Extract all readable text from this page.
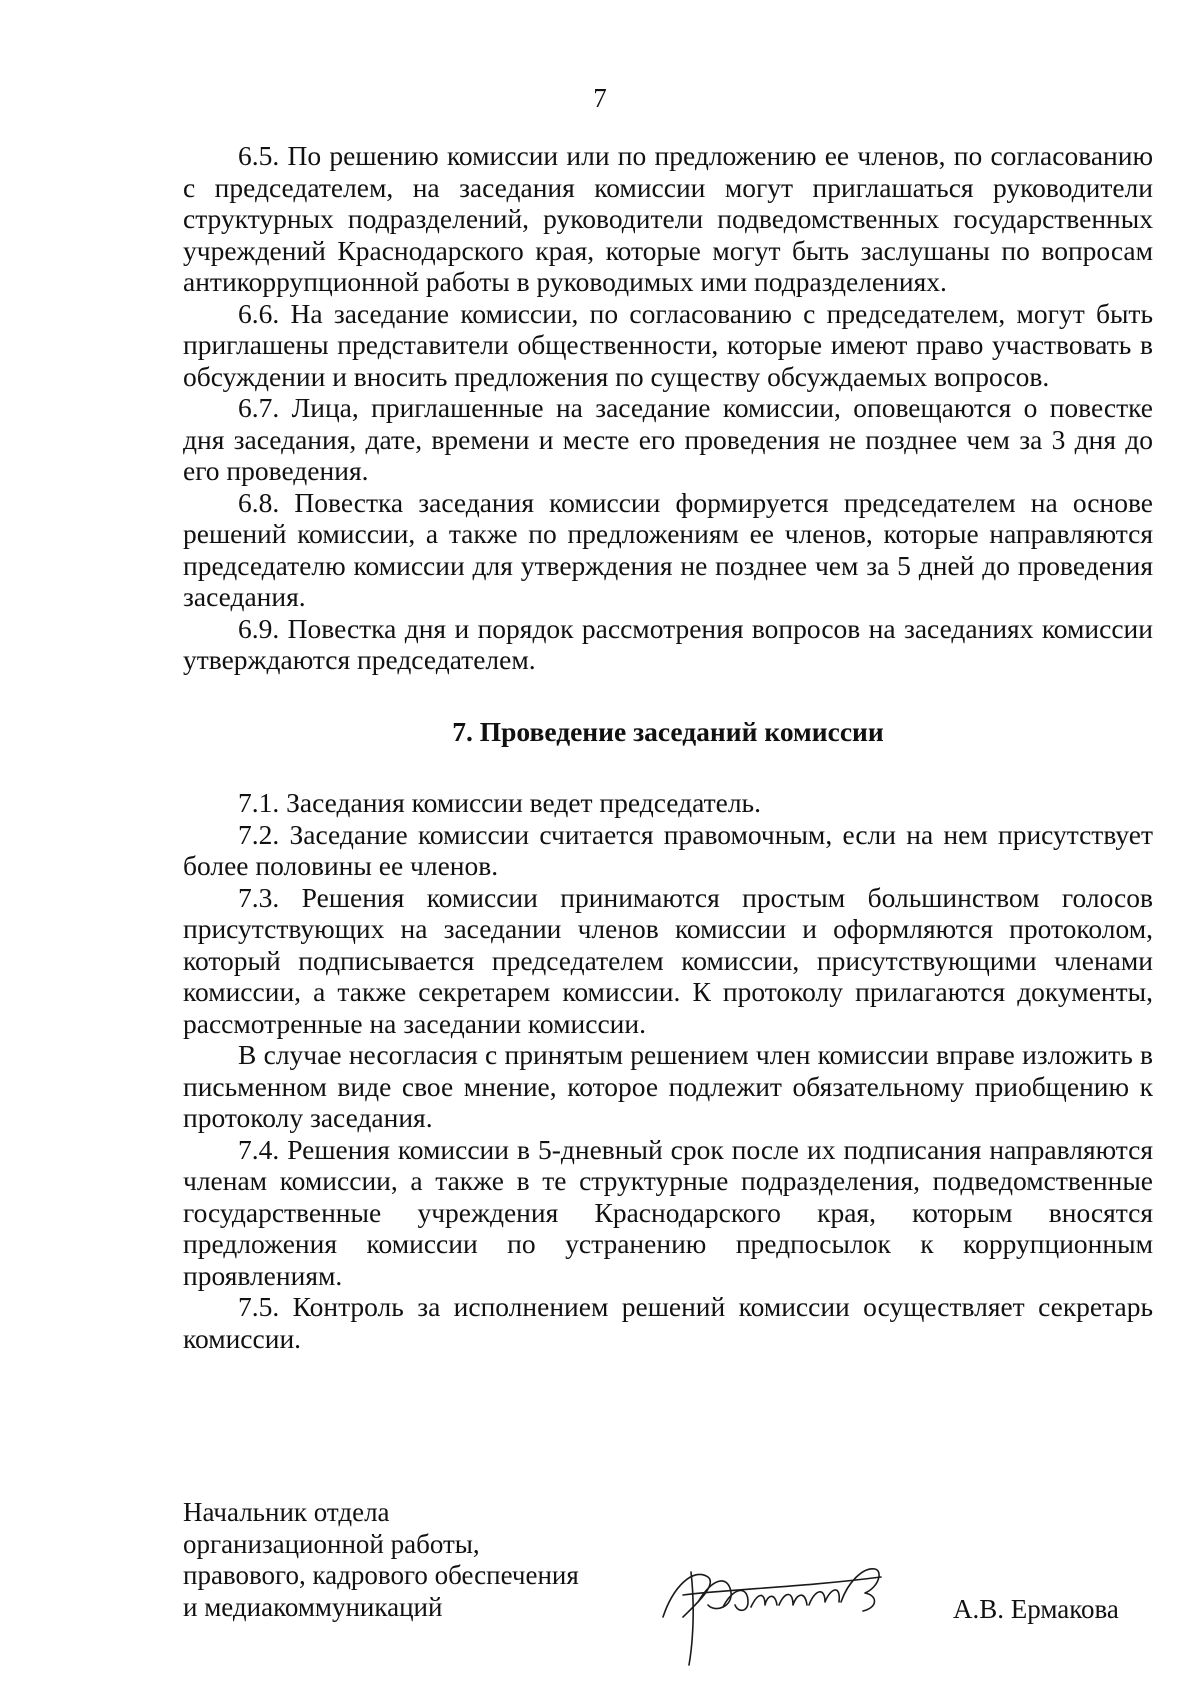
7

6.5. По решению комиссии или по предложению ее членов, по согласованию с председателем, на заседания комиссии могут приглашаться руководители структурных подразделений, руководители подведомственных государственных учреждений Краснодарского края, которые могут быть заслушаны по вопросам антикоррупционной работы в руководимых ими подразделениях.

6.6. На заседание комиссии, по согласованию с председателем, могут быть приглашены представители общественности, которые имеют право участвовать в обсуждении и вносить предложения по существу обсуждаемых вопросов.

6.7. Лица, приглашенные на заседание комиссии, оповещаются о повестке дня заседания, дате, времени и месте его проведения не позднее чем за 3 дня до его проведения.

6.8. Повестка заседания комиссии формируется председателем на основе решений комиссии, а также по предложениям ее членов, которые направляются председателю комиссии для утверждения не позднее чем за 5 дней до проведения заседания.

6.9. Повестка дня и порядок рассмотрения вопросов на заседаниях комиссии утверждаются председателем.

7. Проведение заседаний комиссии

7.1. Заседания комиссии ведет председатель.

7.2. Заседание комиссии считается правомочным, если на нем присутствует более половины ее членов.

7.3. Решения комиссии принимаются простым большинством голосов присутствующих на заседании членов комиссии и оформляются протоколом, который подписывается председателем комиссии, присутствующими членами комиссии, а также секретарем комиссии. К протоколу прилагаются документы, рассмотренные на заседании комиссии.

В случае несогласия с принятым решением член комиссии вправе изложить в письменном виде свое мнение, которое подлежит обязательному приобщению к протоколу заседания.

7.4. Решения комиссии в 5-дневный срок после их подписания направляются членам комиссии, а также в те структурные подразделения, подведомственные государственные учреждения Краснодарского края, которым вносятся предложения комиссии по устранению предпосылок к коррупционным проявлениям.

7.5. Контроль за исполнением решений комиссии осуществляет секретарь комиссии.

Начальник отдела
организационной работы,
правового, кадрового обеспечения
и медиакоммуникаций	А.В. Ермакова
